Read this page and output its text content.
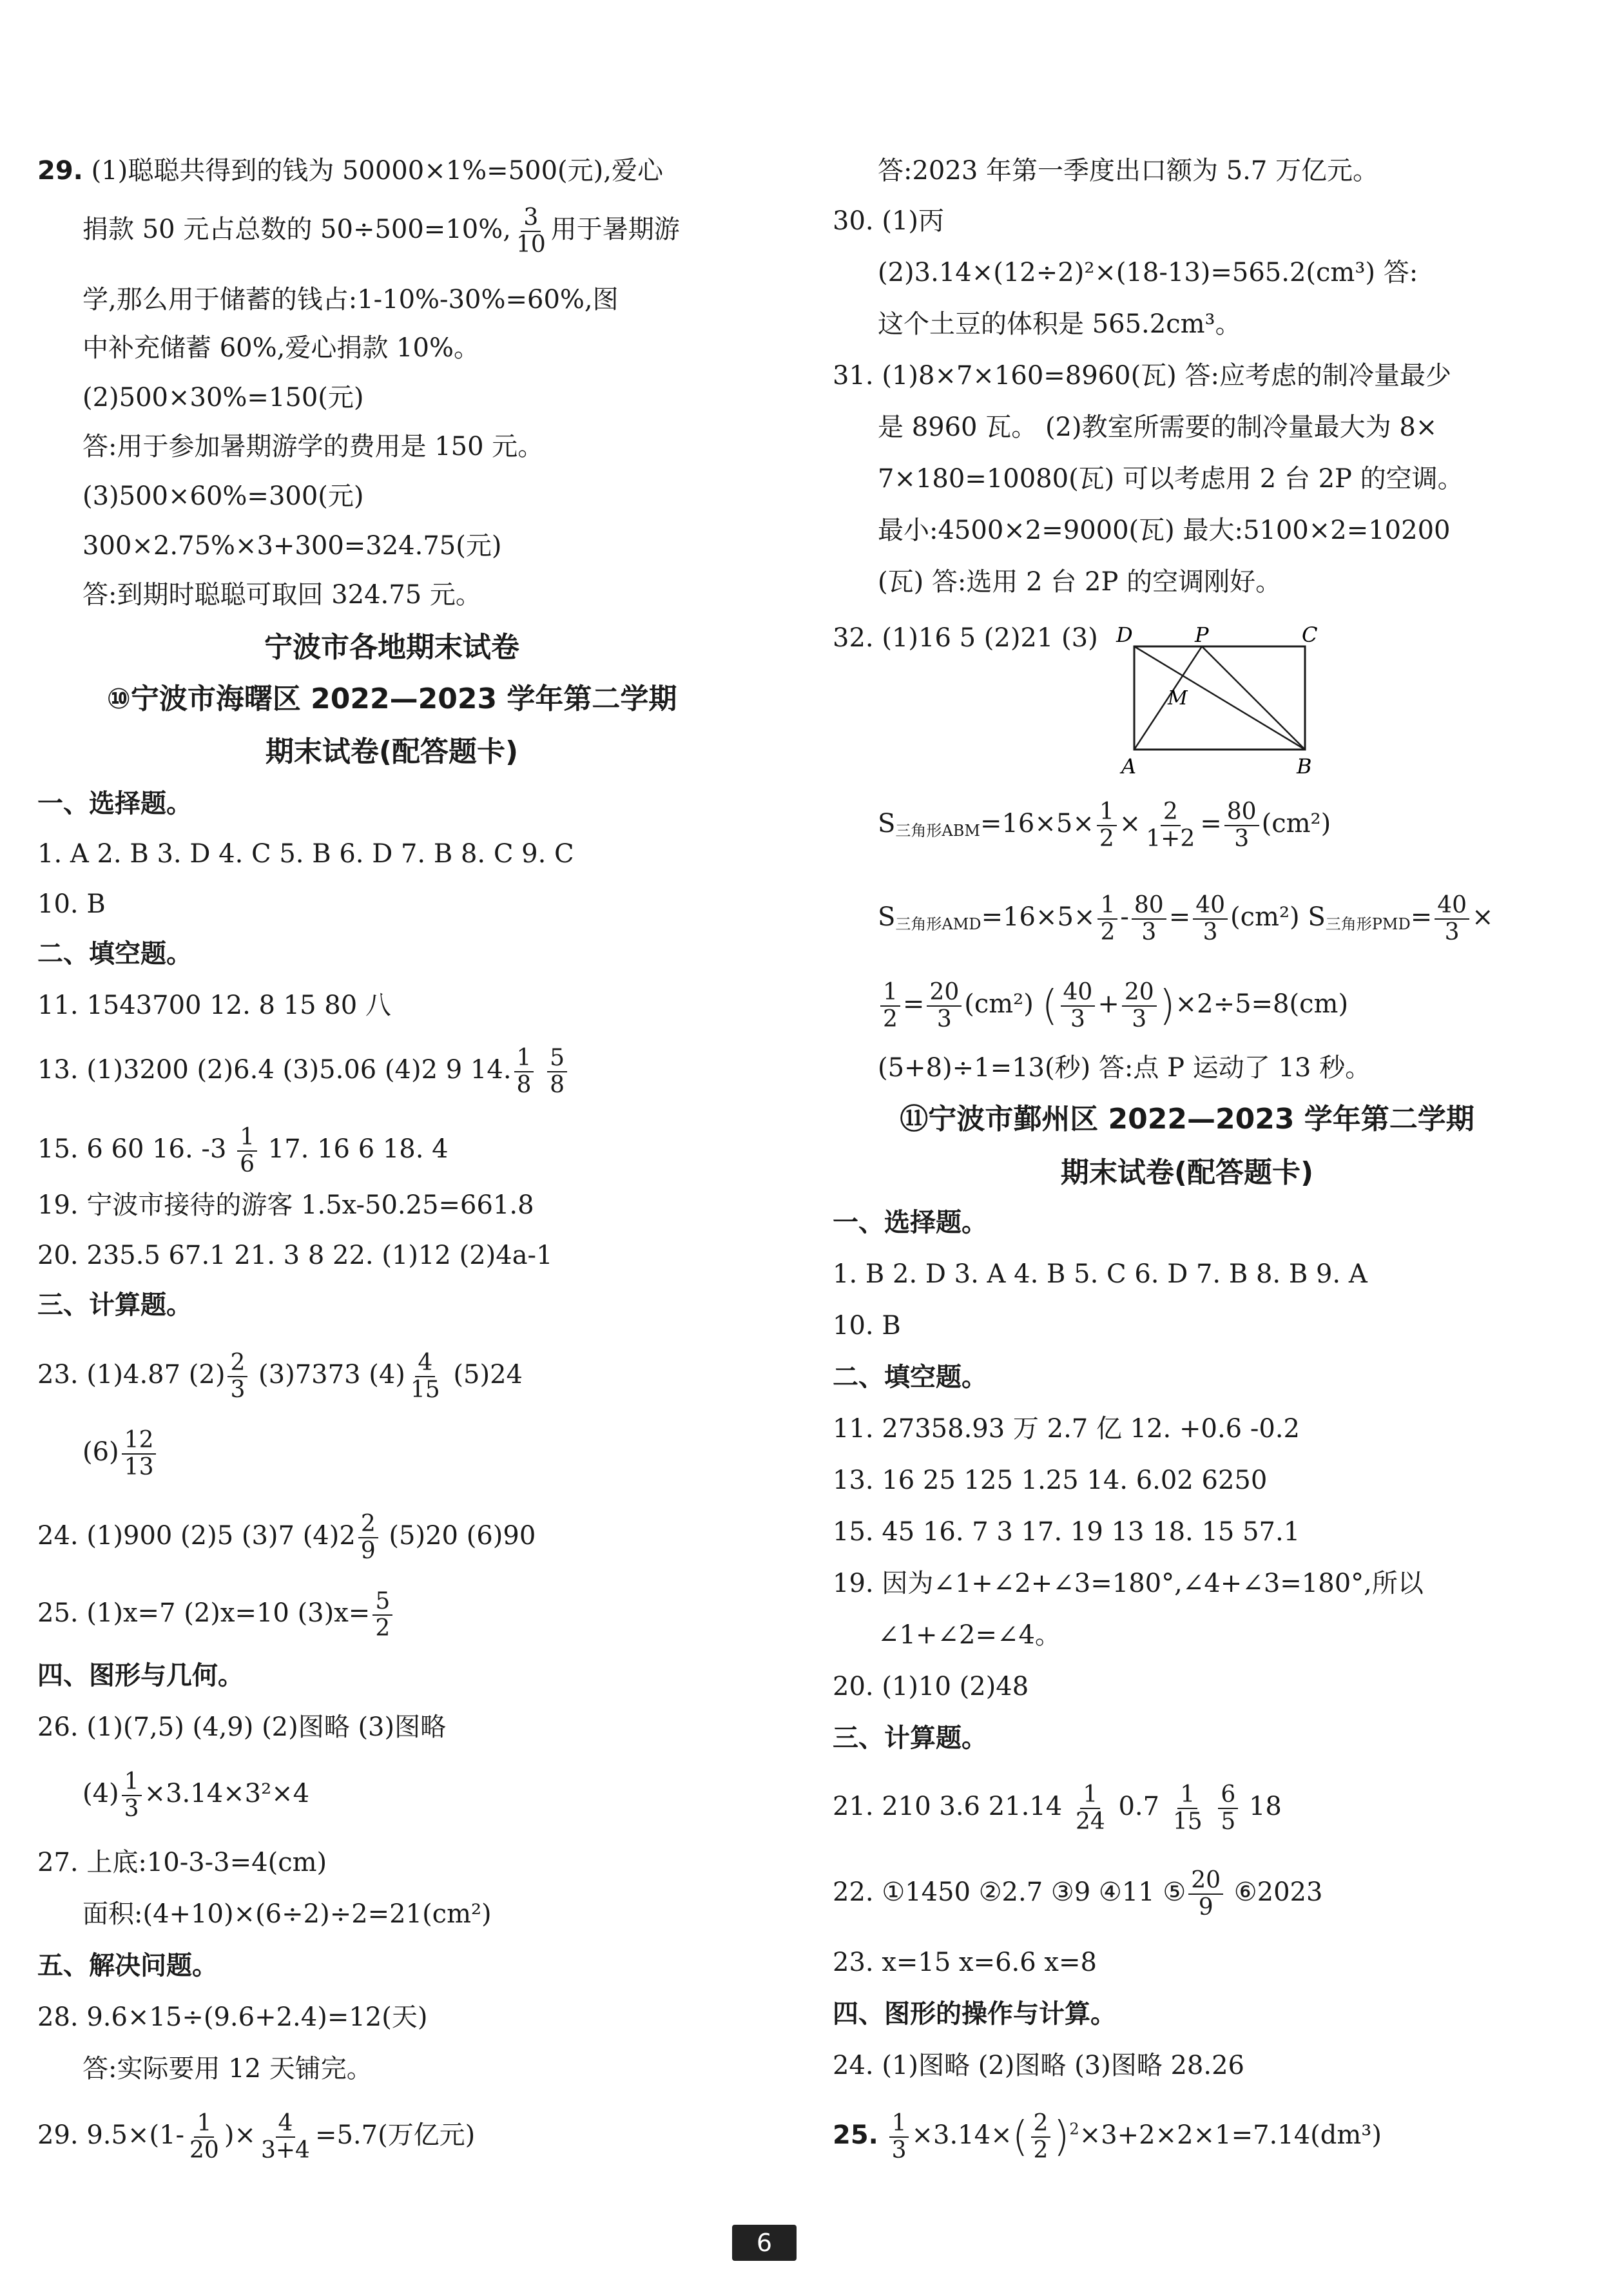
29. (1)聪聪共得到的钱为 50000×1%=500(元),爱心
捐款 50 元占总数的 50÷500=10%, $\frac{3}{10}$ 用于暑期游
学,那么用于储蓄的钱占:1-10%-30%=60%,图
中补充储蓄 60%,爱心捐款 10%。
(2)500×30%=150(元)
答:用于参加暑期游学的费用是 150 元。
(3)500×60%=300(元)
300×2.75%×3+300=324.75(元)
答:到期时聪聪可取回 324.75 元。
宁波市各地期末试卷
⑩宁波市海曙区 2022—2023 学年第二学期
期末试卷(配答题卡)
一、选择题。
1. A 2. B 3. D 4. C 5. B 6. D 7. B 8. C 9. C
10. B
二、填空题。
11. 1543700 12. 8 15 80 八
13. (1)3200 (2)6.4 (3)5.06 (4)2 9 14. $\frac{1}{8}$
$\frac{5}{8}$
15. 6 60 16. $-3 \frac{1}{6} 17$. 16 6 18. 4
19. 宁波市接待的游客 1.5x-50.25=661.8
20. 235.5 67.1 21. 3 8 22. (1)12 (2)4a-1
三、计算题。
23. (1)4.87 $(2) \frac{2}{3} (3)7373$ $(4) \frac{4}{15} (5)24$
$(6) \frac{12}{13}$
24. (1)900 (2)5 (3)7 $(4)2 \frac{2}{9} (5)20$ (6)90
25. (1)x=7 (2)x=10 $(3)x= \frac{5}{2}$
四、图形与几何。
26. (1)(7,5) (4,9) (2)图略 (3)图略
$(4) \frac{1}{3} \times 3.14\times 3^2\times 4$
27. 上底:10-3-3=4(cm)
面积:(4+10)×(6÷2)÷2=21(cm²)
五、解决问题。
28. 9.6×15÷(9.6+2.4)=12(天)
答:实际要用 12 天铺完。
29. $9.5\times(1- \frac{1}{20}$ )× $\frac{4}{3+4} =5.7$(万亿元)
答:2023 年第一季度出口额为 5.7 万亿元。
30. (1)丙
(2)3.14×(12÷2)²×(18-13)=565.2(cm³) 答:
这个土豆的体积是 565.2cm³。
31. (1)8×7×160=8960(瓦) 答:应考虑的制冷量最少
是 8960 瓦。 (2)教室所需要的制冷量最大为 8×
7×180=10080(瓦) 可以考虑用 2 台 2P 的空调。
最小:4500×2=9000(瓦) 最大:5100×2=10200
(瓦) 答:选用 2 台 2P 的空调刚好。
32. (1)16 5 (2)21 (3)
$S_{三角形ABM}=16\times 5\times \frac{1}{2} \times \frac{2}{1+2} = \frac{80}{3} (cm^2)$
$S_{三角形AMD}=16\times 5\times \frac{1}{2} - \frac{80}{3} = \frac{40}{3} (cm^2)$ $S_{三角形PMD}= \frac{40}{3}$ ×
$\frac{1}{2} = \frac{20}{3} (cm^2)$ ( $\frac{40}{3} + \frac{20}{3} )\times 2\div 5=8(cm)$
(5+8)÷1=13(秒) 答:点 P 运动了 13 秒。
⑪宁波市鄞州区 2022—2023 学年第二学期
期末试卷(配答题卡)
一、选择题。
1. B 2. D 3. A 4. B 5. C 6. D 7. B 8. B 9. A
10. B
二、填空题。
11. 27358.93 万 2.7 亿 12. +0.6 -0.2
13. 16 25 125 1.25 14. 6.02 6250
15. 45 16. 7 3 17. 19 13 18. 15 57.1
19. 因为∠1+∠2+∠3=180°,∠4+∠3=180°,所以
∠1+∠2=∠4。
20. (1)10 (2)48
三、计算题。
21. 210 3.6 $21.14 \frac{1}{24} 0.7 \frac{1}{15}$
$\frac{6}{5} 18$
22. ①1450 ②2.7 ③9 ④11 ⑤ $\frac{20}{9}$ ⑥2023
23. x=15 x=6.6 x=8
四、图形的操作与计算。
24. (1)图略 (2)图略 (3)图略 28.26
25. $\frac{1}{3} \times 3.14\times( \frac{2}{2} )^2\times 3+2\times 2\times 1=7.14(dm^3)$
D	P	C
M
A	B
6
